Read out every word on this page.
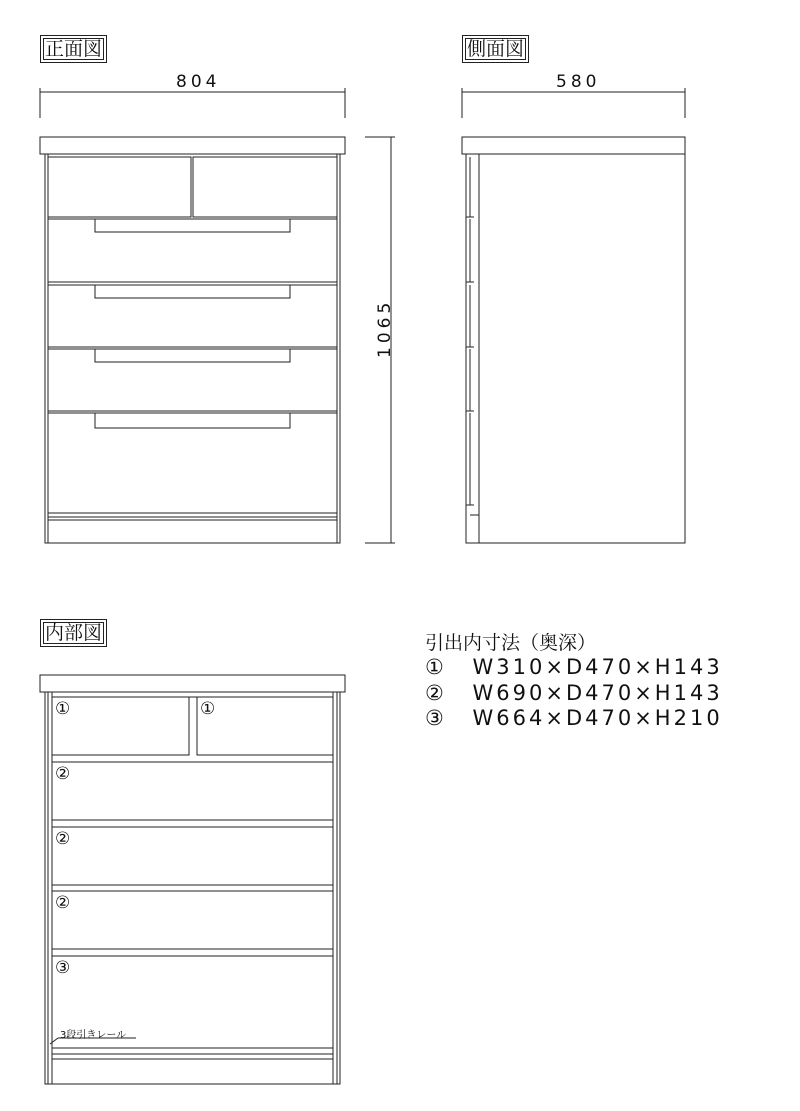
正面図	側面図
内部図
804	580
1065
①	①
②
②
②
③
3段引きレール
引出内寸法（奥深）
① W310×D470×H143
② W690×D470×H143
③ W664×D470×H210
